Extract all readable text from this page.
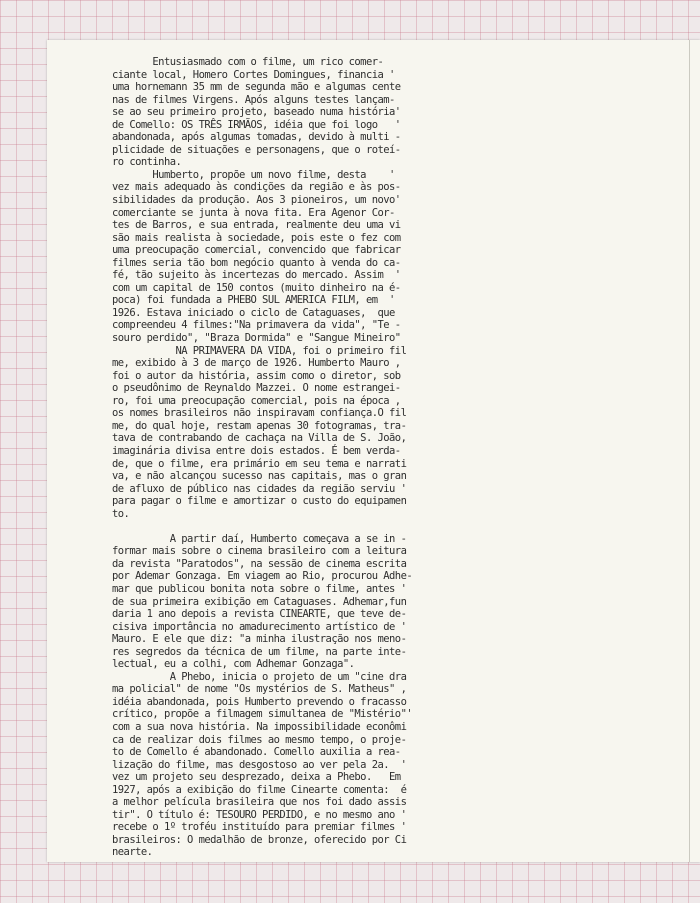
Entusiasmado com o filme, um rico comer-
ciante local, Homero Cortes Domingues, financia '
uma hornemann 35 mm de segunda mão e algumas cente
nas de filmes Virgens. Após alguns testes lançam-
se ao seu primeiro projeto, baseado numa história'
de Comello: OS TRÊS IRMÃOS, idéia que foi logo   '
abandonada, após algumas tomadas, devido à multi -
plicidade de situações e personagens, que o roteí-
ro continha.
Humberto, propõe um novo filme, desta    '
vez mais adequado às condições da região e às pos-
sibilidades da produção. Aos 3 pioneiros, um novo'
comerciante se junta à nova fita. Era Agenor Cor-
tes de Barros, e sua entrada, realmente deu uma vi
são mais realista à sociedade, pois este o fez com
uma preocupação comercial, convencido que fabricar
filmes seria tão bom negócio quanto à venda do ca-
fé, tão sujeito às incertezas do mercado. Assim  '
com um capital de 150 contos (muito dinheiro na é-
poca) foi fundada a PHEBO SUL AMERICA FILM, em  '
1926. Estava iniciado o ciclo de Cataguases,  que
compreendeu 4 filmes:"Na primavera da vida", "Te -
souro perdido", "Braza Dormida" e "Sangue Mineiro"
NA PRIMAVERA DA VIDA, foi o primeiro fil
me, exibido à 3 de março de 1926. Humberto Mauro ,
foi o autor da história, assim como o diretor, sob
o pseudônimo de Reynaldo Mazzei. O nome estrangei-
ro, foi uma preocupação comercial, pois na época ,
os nomes brasileiros não inspiravam confiança.O fil
me, do qual hoje, restam apenas 30 fotogramas, tra-
tava de contrabando de cachaça na Villa de S. João,
imaginária divisa entre dois estados. É bem verda-
de, que o filme, era primário em seu tema e narrati
va, e não alcançou sucesso nas capitais, mas o gran
de afluxo de público nas cidades da região serviu '
para pagar o filme e amortizar o custo do equipamen
to.

A partir daí, Humberto começava a se in -
formar mais sobre o cinema brasileiro com a leitura
da revista "Paratodos", na sessão de cinema escrita
por Ademar Gonzaga. Em viagem ao Rio, procurou Adhe-
mar que publicou bonita nota sobre o filme, antes '
de sua primeira exibição em Cataguases. Adhemar,fun
daria 1 ano depois a revista CINEARTE, que teve de-
cisiva importância no amadurecimento artístico de '
Mauro. E ele que diz: "a minha ilustração nos meno-
res segredos da técnica de um filme, na parte inte-
lectual, eu a colhi, com Adhemar Gonzaga".
A Phebo, inicia o projeto de um "cine dra
ma policial" de nome "Os mystérios de S. Matheus" ,
idéia abandonada, pois Humberto prevendo o fracasso
crítico, propõe a filmagem simultanea de "Mistério"'
com a sua nova história. Na impossibilidade econômi
ca de realizar dois filmes ao mesmo tempo, o proje-
to de Comello é abandonado. Comello auxilia a rea-
lização do filme, mas desgostoso ao ver pela 2a.  '
vez um projeto seu desprezado, deixa a Phebo.   Em
1927, após a exibição do filme Cinearte comenta:  é
a melhor película brasileira que nos foi dado assis
tir". O título é: TESOURO PERDIDO, e no mesmo ano '
recebe o 1º troféu instituído para premiar filmes '
brasileiros: O medalhão de bronze, oferecido por Ci
nearte.
